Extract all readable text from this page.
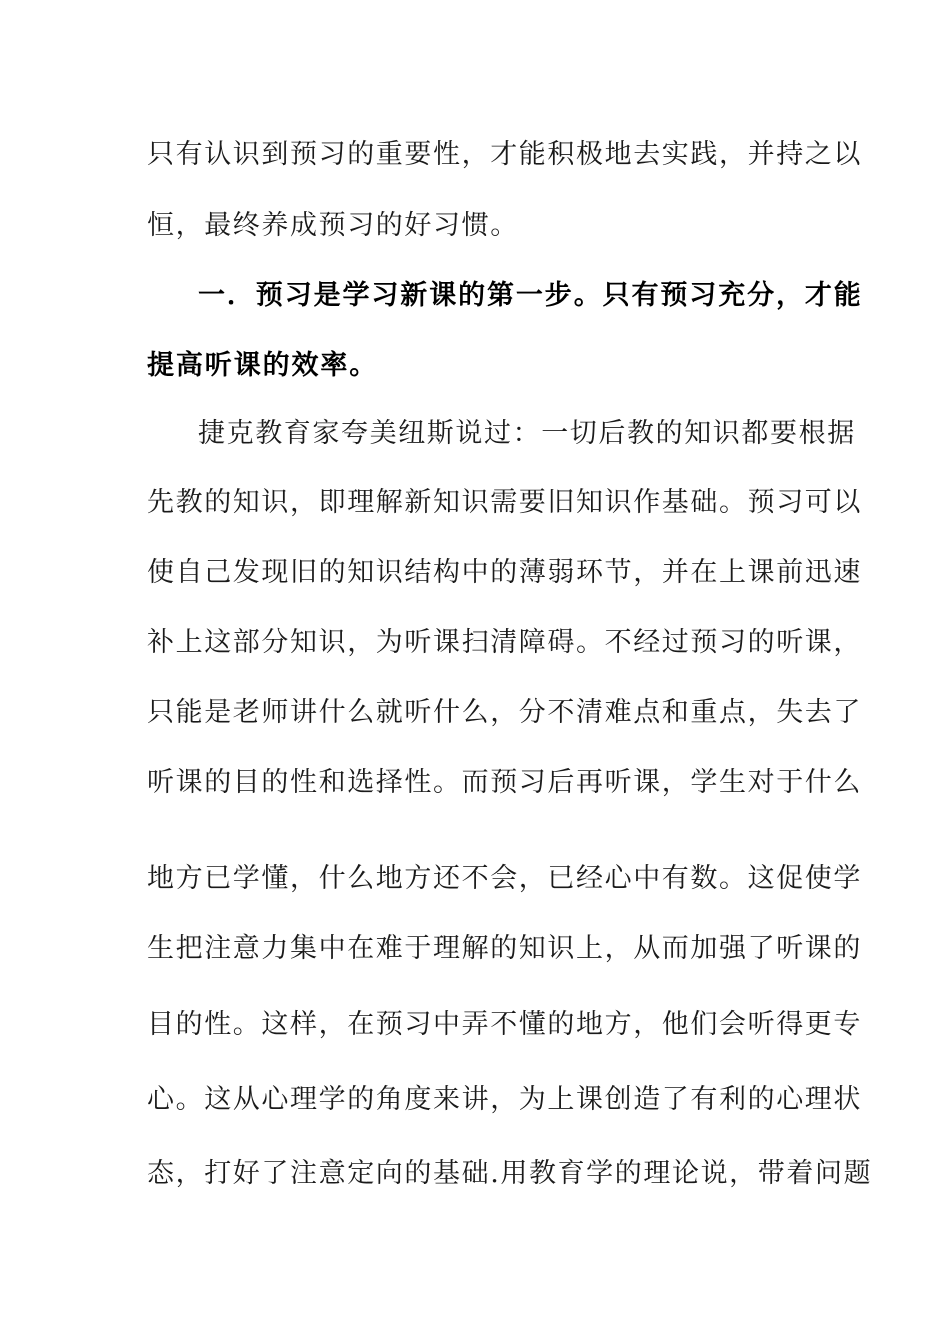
只有认识到预习的重要性，才能积极地去实践，并持之以
恒，最终养成预习的好习惯。
一．预习是学习新课的第一步。只有预习充分，才能
提高听课的效率。
捷克教育家夸美纽斯说过：一切后教的知识都要根据
先教的知识，即理解新知识需要旧知识作基础。预习可以
使自己发现旧的知识结构中的薄弱环节，并在上课前迅速
补上这部分知识，为听课扫清障碍。不经过预习的听课，
只能是老师讲什么就听什么，分不清难点和重点，失去了
听课的目的性和选择性。而预习后再听课，学生对于什么
地方已学懂，什么地方还不会，已经心中有数。这促使学
生把注意力集中在难于理解的知识上，从而加强了听课的
目的性。这样，在预习中弄不懂的地方，他们会听得更专
心。这从心理学的角度来讲，为上课创造了有利的心理状
态，打好了注意定向的基础.用教育学的理论说，带着问题
